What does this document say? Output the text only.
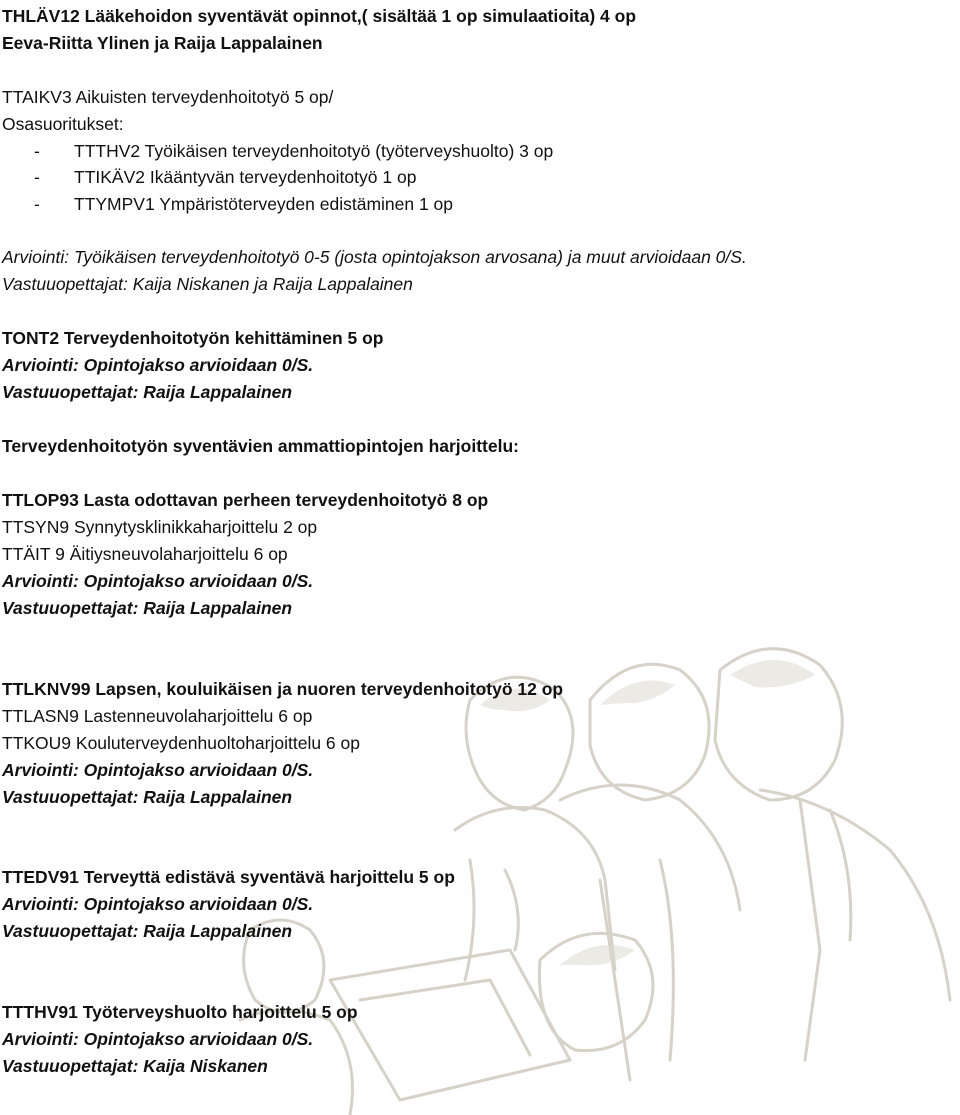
THLÄV12 Lääkehoidon syventävät opinnot,( sisältää 1 op simulaatioita) 4 op
Eeva-Riitta Ylinen ja Raija Lappalainen
TTAIKV3 Aikuisten terveydenhoitotyö 5 op/
Osasuoritukset:
- TTTHV2 Työikäisen terveydenhoitotyö (työterveyshuolto) 3 op
- TTIKÄV2 Ikääntyvän terveydenhoitotyö 1 op
- TTYMPV1 Ympäristöterveyden edistäminen 1 op
Arviointi: Työikäisen terveydenhoitotyö 0-5 (josta opintojakson arvosana) ja muut arvioidaan 0/S.
Vastuuopettajat: Kaija Niskanen ja Raija Lappalainen
TONT2 Terveydenhoitotyön kehittäminen 5 op
Arviointi: Opintojakso arvioidaan 0/S.
Vastuuopettajat: Raija Lappalainen
Terveydenhoitotyön syventävien ammattiopintojen harjoittelu:
TTLOP93 Lasta odottavan perheen terveydenhoitotyö 8 op
TTSYN9 Synnytysklinikkaharjoittelu 2 op
TTÄIT 9 Äitiysneuvolaharjoittelu 6 op
Arviointi: Opintojakso arvioidaan 0/S.
Vastuuopettajat: Raija Lappalainen
TTLKNV99 Lapsen, kouluikäisen ja nuoren terveydenhoitotyö 12 op
TTLASN9 Lastenneuvolaharjoittelu 6 op
TTKOU9 Kouluterveydenhuoltoharjoittelu 6 op
Arviointi: Opintojakso arvioidaan 0/S.
Vastuuopettajat: Raija Lappalainen
TTEDV91 Terveyttä edistävä syventävä harjoittelu 5 op
Arviointi: Opintojakso arvioidaan 0/S.
Vastuuopettajat: Raija Lappalainen
TTTHV91 Työterveyshuolto harjoittelu 5 op
Arviointi: Opintojakso arvioidaan 0/S.
Vastuuopettajat: Kaija Niskanen
